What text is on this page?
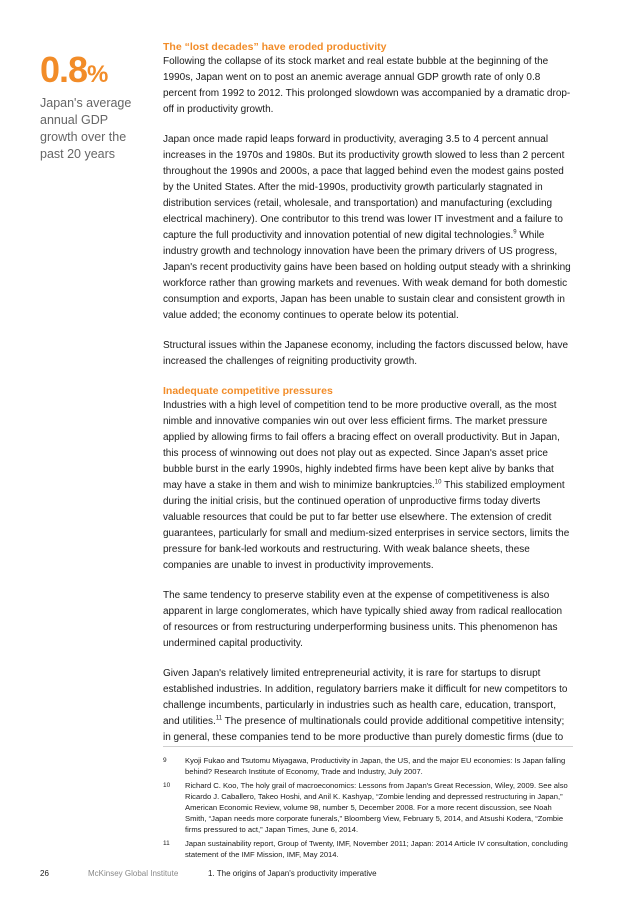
0.8%
Japan's average annual GDP growth over the past 20 years
The “lost decades” have eroded productivity

Following the collapse of its stock market and real estate bubble at the beginning of the 1990s, Japan went on to post an anemic average annual GDP growth rate of only 0.8 percent from 1992 to 2012. This prolonged slowdown was accompanied by a dramatic drop-off in productivity growth.

Japan once made rapid leaps forward in productivity, averaging 3.5 to 4 percent annual increases in the 1970s and 1980s. But its productivity growth slowed to less than 2 percent throughout the 1990s and 2000s, a pace that lagged behind even the modest gains posted by the United States. After the mid-1990s, productivity growth particularly stagnated in distribution services (retail, wholesale, and transportation) and manufacturing (excluding electrical machinery). One contributor to this trend was lower IT investment and a failure to capture the full productivity and innovation potential of new digital technologies.$^9$ While industry growth and technology innovation have been the primary drivers of US progress, Japan's recent productivity gains have been based on holding output steady with a shrinking workforce rather than growing markets and revenues. With weak demand for both domestic consumption and exports, Japan has been unable to sustain clear and consistent growth in value added; the economy continues to operate below its potential.

Structural issues within the Japanese economy, including the factors discussed below, have increased the challenges of reigniting productivity growth.

Inadequate competitive pressures

Industries with a high level of competition tend to be more productive overall, as the most nimble and innovative companies win out over less efficient firms. The market pressure applied by allowing firms to fail offers a bracing effect on overall productivity. But in Japan, this process of winnowing out does not play out as expected. Since Japan's asset price bubble burst in the early 1990s, highly indebted firms have been kept alive by banks that may have a stake in them and wish to minimize bankruptcies.$^{10}$ This stabilized employment during the initial crisis, but the continued operation of unproductive firms today diverts valuable resources that could be put to far better use elsewhere. The extension of credit guarantees, particularly for small and medium-sized enterprises in service sectors, limits the pressure for bank-led workouts and restructuring. With weak balance sheets, these companies are unable to invest in productivity improvements.

The same tendency to preserve stability even at the expense of competitiveness is also apparent in large conglomerates, which have typically shied away from radical reallocation of resources or from restructuring underperforming business units. This phenomenon has undermined capital productivity.

Given Japan's relatively limited entrepreneurial activity, it is rare for startups to disrupt established industries. In addition, regulatory barriers make it difficult for new competitors to challenge incumbents, particularly in industries such as health care, education, transport, and utilities.$^{11}$ The presence of multinationals could provide additional competitive intensity; in general, these companies tend to be more productive than purely domestic firms (due to

9	Kyoji Fukao and Tsutomu Miyagawa, Productivity in Japan, the US, and the major EU economies: Is Japan falling behind? Research Institute of Economy, Trade and Industry, July 2007.
10	Richard C. Koo, The holy grail of macroeconomics: Lessons from Japan's Great Recession, Wiley, 2009. See also Ricardo J. Caballero, Takeo Hoshi, and Anil K. Kashyap, “Zombie lending and depressed restructuring in Japan,” American Economic Review, volume 98, number 5, December 2008. For a more recent discussion, see Noah Smith, “Japan needs more corporate funerals,” Bloomberg View, February 5, 2014, and Atsushi Kodera, “Zombie firms pressured to act,” Japan Times, June 6, 2014.
11	Japan sustainability report, Group of Twenty, IMF, November 2011; Japan: 2014 Article IV consultation, concluding statement of the IMF Mission, IMF, May 2014.
26	McKinsey Global Institute	1. The origins of Japan's productivity imperative
